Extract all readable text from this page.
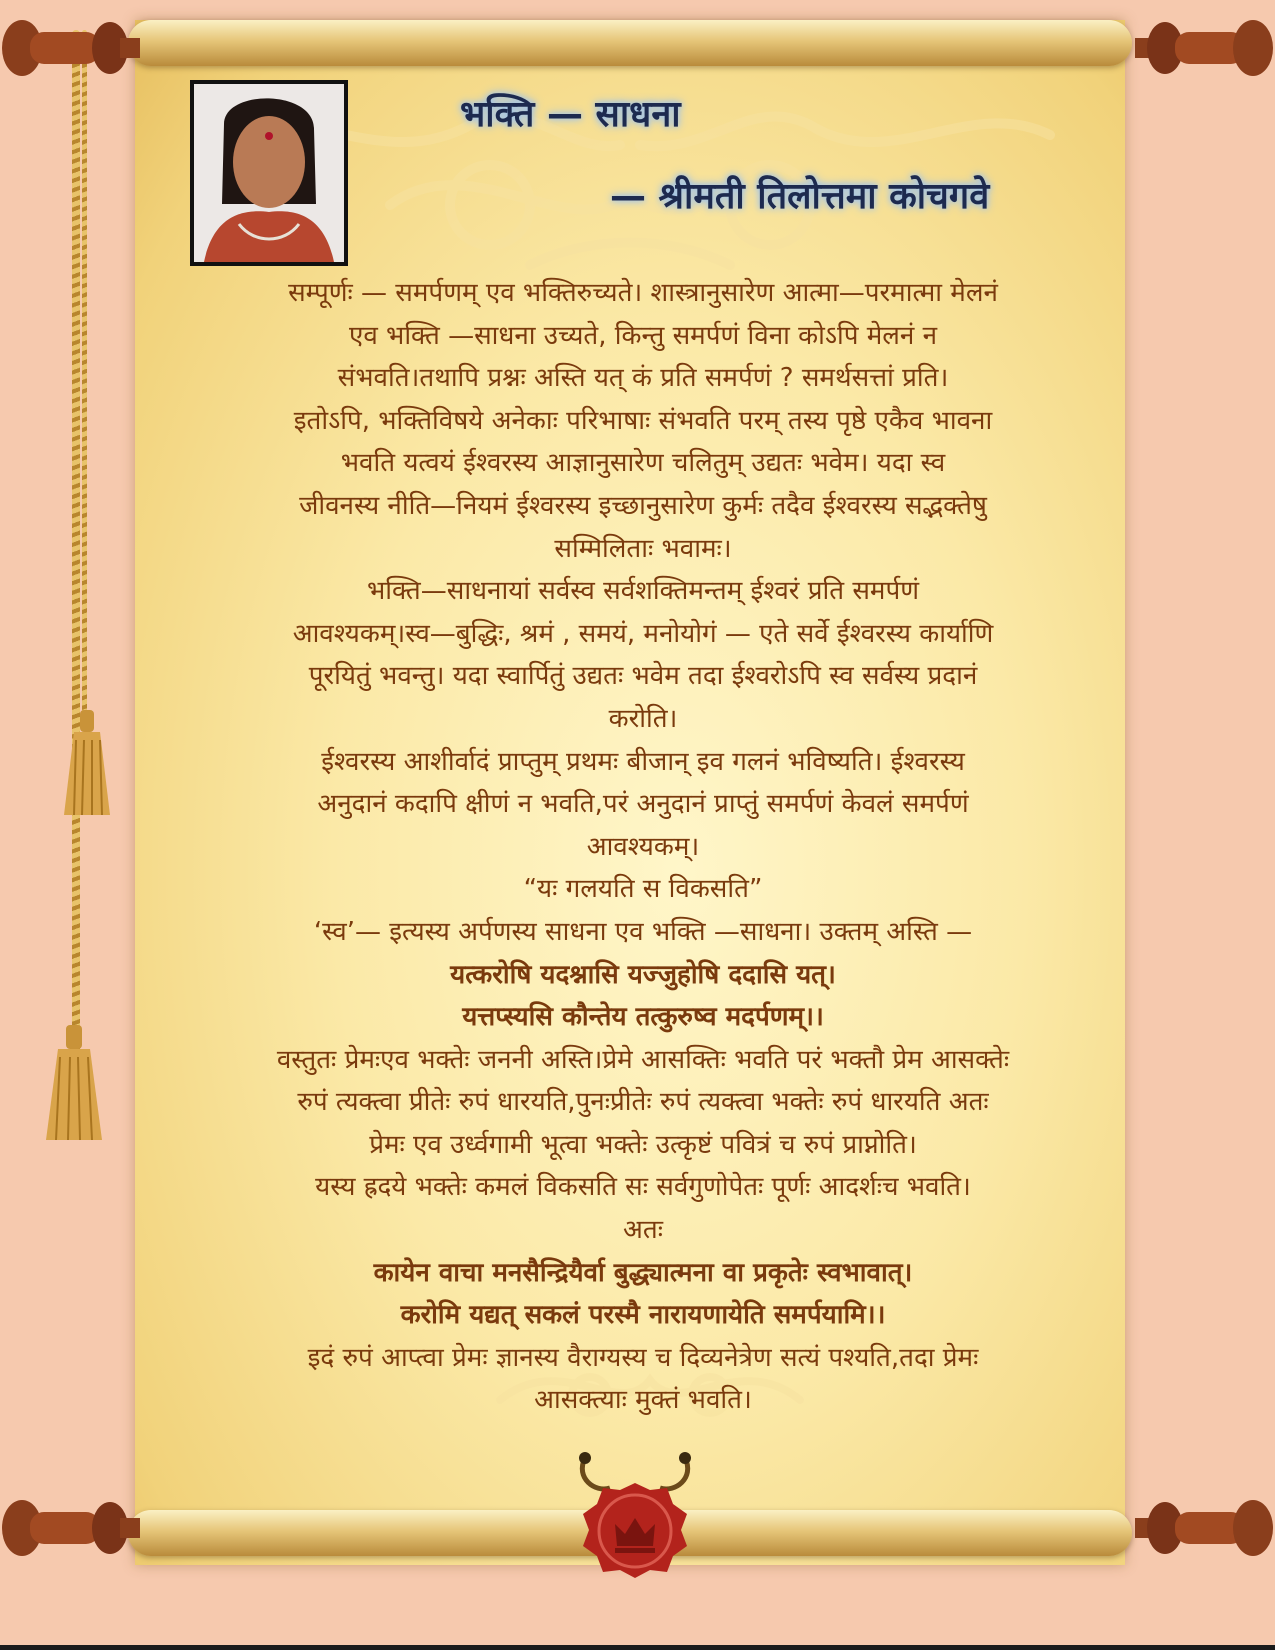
भक्ति — साधना
— श्रीमती तिलोत्तमा कोचगवे
सम्पूर्णः — समर्पणम् एव भक्तिरुच्यते। शास्त्रानुसारेण आत्मा—परमात्मा मेलनं
एव भक्ति —साधना उच्यते, किन्तु समर्पणं विना कोऽपि मेलनं न
संभवति।तथापि प्रश्नः अस्ति यत् कं प्रति समर्पणं ? समर्थसत्तां प्रति।
इतोऽपि, भक्तिविषये अनेकाः परिभाषाः संभवति परम् तस्य पृष्ठे एकैव भावना
भवति यत्वयं ईश्वरस्य आज्ञानुसारेण चलितुम् उद्यतः भवेम। यदा स्व
जीवनस्य नीति—नियमं ईश्वरस्य इच्छानुसारेण कुर्मः तदैव ईश्वरस्य सद्भक्तेषु
सम्मिलिताः भवामः।
भक्ति—साधनायां सर्वस्व सर्वशक्तिमन्तम् ईश्वरं प्रति समर्पणं
आवश्यकम्।स्व—बुद्धिः, श्रमं , समयं, मनोयोगं — एते सर्वे ईश्वरस्य कार्याणि
पूरयितुं भवन्तु। यदा स्वार्पितुं उद्यतः भवेम तदा ईश्वरोऽपि स्व सर्वस्य प्रदानं
करोति।
ईश्वरस्य आशीर्वादं प्राप्तुम् प्रथमः बीजान् इव गलनं भविष्यति। ईश्वरस्य
अनुदानं कदापि क्षीणं न भवति,परं अनुदानं प्राप्तुं समर्पणं केवलं समर्पणं
आवश्यकम्।
“यः गलयति स विकसति”
‘स्व’— इत्यस्य अर्पणस्य साधना एव भक्ति —साधना। उक्तम् अस्ति —
यत्करोषि यदश्नासि यज्जुहोषि ददासि यत्।
यत्तप्स्यसि कौन्तेय तत्कुरुष्व मदर्पणम्।।
वस्तुतः प्रेमःएव भक्तेः जननी अस्ति।प्रेमे आसक्तिः भवति परं भक्तौ प्रेम आसक्तेः
रुपं त्यक्त्वा प्रीतेः रुपं धारयति,पुनःप्रीतेः रुपं त्यक्त्वा भक्तेः रुपं धारयति अतः
प्रेमः एव उर्ध्वगामी भूत्वा भक्तेः उत्कृष्टं पवित्रं च रुपं प्राप्नोति।
यस्य ह्रदये भक्तेः कमलं विकसति सः सर्वगुणोपेतः पूर्णः आदर्शःच भवति।
अतः
कायेन वाचा मनसैन्द्रियैर्वा बुद्ध्यात्मना वा प्रकृतेः स्वभावात्।
करोमि यद्यत् सकलं परस्मै नारायणायेति समर्पयामि।।
इदं रुपं आप्त्वा प्रेमः ज्ञानस्य वैराग्यस्य च दिव्यनेत्रेण सत्यं पश्यति,तदा प्रेमः
आसक्त्याः मुक्तं भवति।
